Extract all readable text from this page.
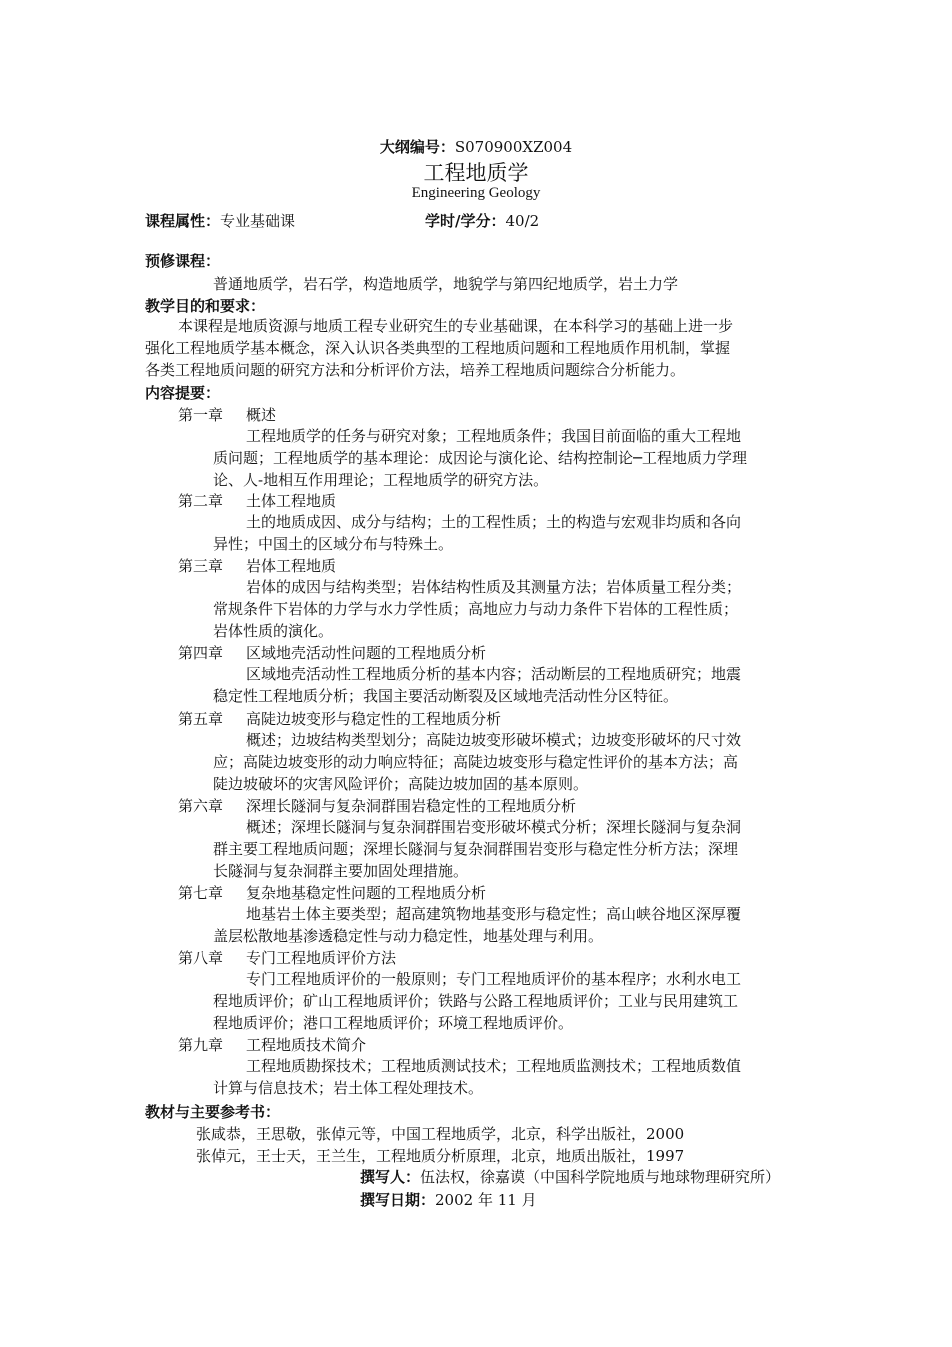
大纲编号：S070900XZ004
工程地质学
Engineering Geology
课程属性：专业基础课	学时/学分：40/2
预修课程：
普通地质学，岩石学，构造地质学，地貌学与第四纪地质学，岩土力学
教学目的和要求：
本课程是地质资源与地质工程专业研究生的专业基础课，在本科学习的基础上进一步
强化工程地质学基本概念，深入认识各类典型的工程地质问题和工程地质作用机制，掌握
各类工程地质问题的研究方法和分析评价方法，培养工程地质问题综合分析能力。
内容提要：
第一章 概述
工程地质学的任务与研究对象；工程地质条件；我国目前面临的重大工程地
质问题；工程地质学的基本理论：成因论与演化论、结构控制论─工程地质力学理
论、人-地相互作用理论；工程地质学的研究方法。
第二章 土体工程地质
土的地质成因、成分与结构；土的工程性质；土的构造与宏观非均质和各向
异性；中国土的区域分布与特殊土。
第三章 岩体工程地质
岩体的成因与结构类型；岩体结构性质及其测量方法；岩体质量工程分类；
常规条件下岩体的力学与水力学性质；高地应力与动力条件下岩体的工程性质；
岩体性质的演化。
第四章 区域地壳活动性问题的工程地质分析
区域地壳活动性工程地质分析的基本内容；活动断层的工程地质研究；地震
稳定性工程地质分析；我国主要活动断裂及区域地壳活动性分区特征。
第五章 高陡边坡变形与稳定性的工程地质分析
概述；边坡结构类型划分；高陡边坡变形破坏模式；边坡变形破坏的尺寸效
应；高陡边坡变形的动力响应特征；高陡边坡变形与稳定性评价的基本方法；高
陡边坡破坏的灾害风险评价；高陡边坡加固的基本原则。
第六章 深埋长隧洞与复杂洞群围岩稳定性的工程地质分析
概述；深埋长隧洞与复杂洞群围岩变形破坏模式分析；深埋长隧洞与复杂洞
群主要工程地质问题；深埋长隧洞与复杂洞群围岩变形与稳定性分析方法；深埋
长隧洞与复杂洞群主要加固处理措施。
第七章 复杂地基稳定性问题的工程地质分析
地基岩土体主要类型；超高建筑物地基变形与稳定性；高山峡谷地区深厚覆
盖层松散地基渗透稳定性与动力稳定性，地基处理与利用。
第八章 专门工程地质评价方法
专门工程地质评价的一般原则；专门工程地质评价的基本程序；水利水电工
程地质评价；矿山工程地质评价；铁路与公路工程地质评价；工业与民用建筑工
程地质评价；港口工程地质评价；环境工程地质评价。
第九章 工程地质技术简介
工程地质勘探技术；工程地质测试技术；工程地质监测技术；工程地质数值
计算与信息技术；岩土体工程处理技术。
教材与主要参考书：
张咸恭，王思敬，张倬元等，中国工程地质学，北京，科学出版社，2000
张倬元，王士天，王兰生，工程地质分析原理，北京，地质出版社，1997
撰写人：伍法权，徐嘉谟（中国科学院地质与地球物理研究所）
撰写日期：2002 年 11 月
